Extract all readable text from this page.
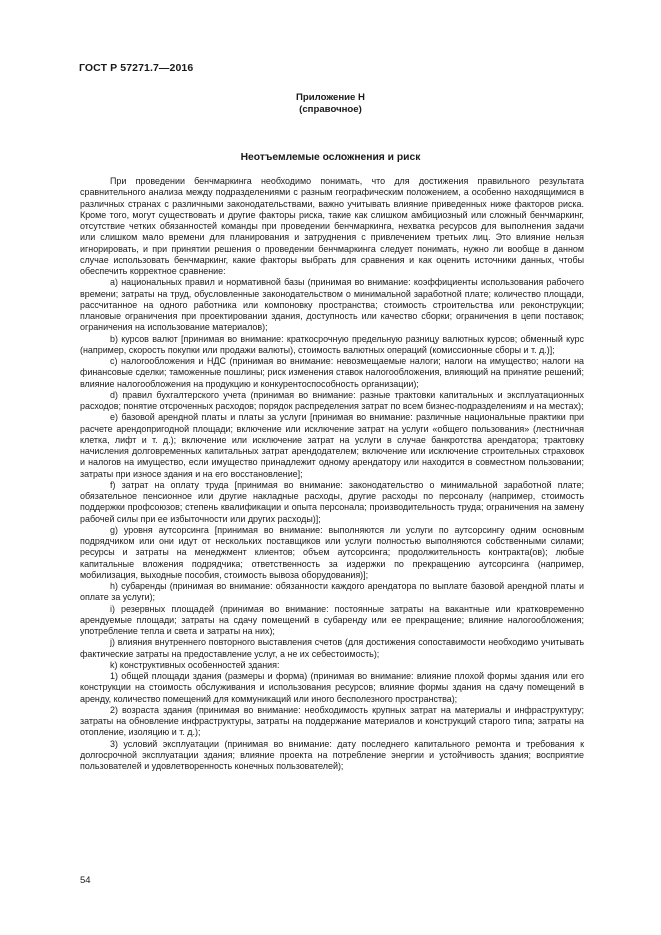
ГОСТ Р 57271.7—2016
Приложение Н
(справочное)
Неотъемлемые осложнения и риск

При проведении бенчмаркинга необходимо понимать, что для достижения правильного результата сравнительного анализа между подразделениями с разным географическим положением, а особенно находящимися в различных странах с различными законодательствами, важно учитывать влияние приведенных ниже факторов риска. Кроме того, могут существовать и другие факторы риска, такие как слишком амбициозный или сложный бенчмаркинг, отсутствие четких обязанностей команды при проведении бенчмаркинга, нехватка ресурсов для выполнения задачи или слишком мало времени для планирования и затруднения с привлечением третьих лиц. Это влияние нельзя игнорировать, и при принятии решения о проведении бенчмаркинга следует понимать, нужно ли вообще в данном случае использовать бенчмаркинг, какие факторы выбрать для сравнения и как оценить источники данных, чтобы обеспечить корректное сравнение:

а) национальных правил и нормативной базы (принимая во внимание: коэффициенты использования рабочего времени; затраты на труд, обусловленные законодательством о минимальной заработной плате; количество площади, рассчитанное на одного работника или компоновку пространства; стоимость строительства или реконструкции; плановые ограничения при проектировании здания, доступность или качество сборки; ограничения в цепи поставок; ограничения на использование материалов);

b) курсов валют [принимая во внимание: краткосрочную предельную разницу валютных курсов; обменный курс (например, скорость покупки или продажи валюты), стоимость валютных операций (комиссионные сборы и т. д.)];

c) налогообложения и НДС (принимая во внимание: невозмещаемые налоги; налоги на имущество; налоги на финансовые сделки; таможенные пошлины; риск изменения ставок налогообложения, влияющий на принятие решений; влияние налогообложения на продукцию и конкурентоспособность организации);

d) правил бухгалтерского учета (принимая во внимание: разные трактовки капитальных и эксплуатационных расходов; понятие отсроченных расходов; порядок распределения затрат по всем бизнес-подразделениям и на местах);

e) базовой арендной платы и платы за услуги [принимая во внимание: различные национальные практики при расчете арендопригодной площади; включение или исключение затрат на услуги «общего пользования» (лестничная клетка, лифт и т. д.); включение или исключение затрат на услуги в случае банкротства арендатора; трактовку начисления долговременных капитальных затрат арендодателем; включение или исключение строительных страховок и налогов на имущество, если имущество принадлежит одному арендатору или находится в совместном пользовании; затраты при износе здания и на его восстановление];

f) затрат на оплату труда [принимая во внимание: законодательство о минимальной заработной плате; обязательное пенсионное или другие накладные расходы, другие расходы по персоналу (например, стоимость поддержки профсоюзов; степень квалификации и опыта персонала; производительность труда; ограничения на замену рабочей силы при ее избыточности или других расходы)];

g) уровня аутсорсинга [принимая во внимание: выполняются ли услуги по аутсорсингу одним основным подрядчиком или они идут от нескольких поставщиков или услуги полностью выполняются собственными силами; ресурсы и затраты на менеджмент клиентов; объем аутсорсинга; продолжительность контракта(ов); любые капитальные вложения подрядчика; ответственность за издержки по прекращению аутсорсинга (например, мобилизация, выходные пособия, стоимость вывоза оборудования)];

h) субаренды (принимая во внимание: обязанности каждого арендатора по выплате базовой арендной платы и оплате за услуги);

i) резервных площадей (принимая во внимание: постоянные затраты на вакантные или кратковременно арендуемые площади; затраты на сдачу помещений в субаренду или ее прекращение; влияние налогообложения; употребление тепла и света и затраты на них);

j) влияния внутреннего повторного выставления счетов (для достижения сопоставимости необходимо учитывать фактические затраты на предоставление услуг, а не их себестоимость);

k) конструктивных особенностей здания:

1) общей площади здания (размеры и форма) (принимая во внимание: влияние плохой формы здания или его конструкции на стоимость обслуживания и использования ресурсов; влияние формы здания на сдачу помещений в аренду, количество помещений для коммуникаций или иного бесполезного пространства);

2) возраста здания (принимая во внимание: необходимость крупных затрат на материалы и инфраструктуру; затраты на обновление инфраструктуры, затраты на поддержание материалов и конструкций старого типа; затраты на отопление, изоляцию и т. д.);

3) условий эксплуатации (принимая во внимание: дату последнего капитального ремонта и требования к долгосрочной эксплуатации здания; влияние проекта на потребление энергии и устойчивость здания; восприятие пользователей и удовлетворенность конечных пользователей);

54
